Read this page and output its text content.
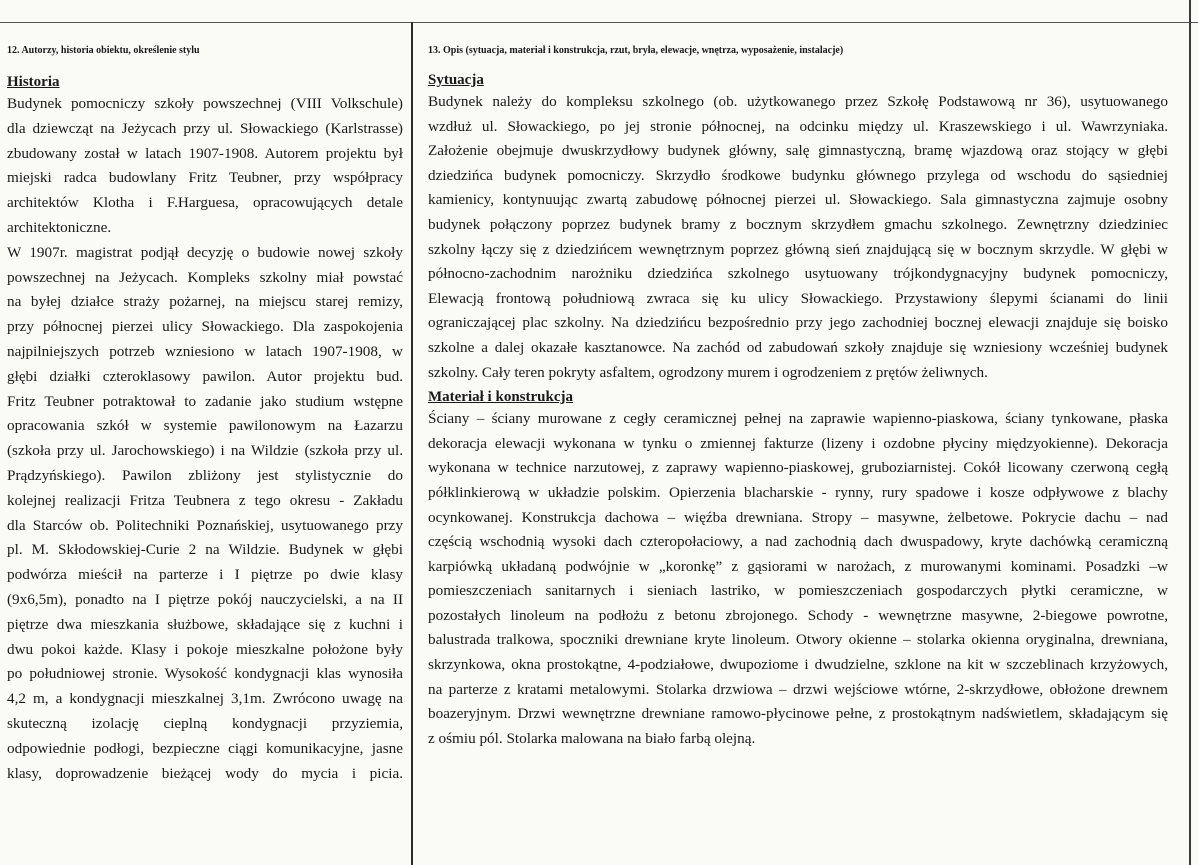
12. Autorzy, historia obiektu, określenie stylu

Historia

Budynek pomocniczy szkoły powszechnej (VIII Volkschule)
dla dziewcząt na Jeżycach przy ul. Słowackiego (Karlstrasse)
zbudowany został w latach 1907-1908. Autorem projektu był
miejski radca budowlany Fritz Teubner, przy współpracy
architektów Klotha i F.Harguesa, opracowujących detale
architektoniczne.
W 1907r. magistrat podjął decyzję o budowie nowej szkoły
powszechnej na Jeżycach. Kompleks szkolny miał powstać
na byłej działce straży pożarnej, na miejscu starej remizy,
przy północnej pierzei ulicy Słowackiego. Dla zaspokojenia
najpilniejszych potrzeb wzniesiono w latach 1907-1908, w
głębi działki czteroklasowy pawilon. Autor projektu bud.
Fritz Teubner potraktował to zadanie jako studium wstępne
opracowania szkół w systemie pawilonowym na Łazarzu
(szkoła przy ul. Jarochowskiego) i na Wildzie (szkoła przy ul.
Prądzyńskiego). Pawilon zbliżony jest stylistycznie do
kolejnej realizacji Fritza Teubnera z tego okresu - Zakładu
dla Starców ob. Politechniki Poznańskiej, usytuowanego przy
pl. M. Skłodowskiej-Curie 2 na Wildzie. Budynek w głębi
podwórza mieścił na parterze i I piętrze po dwie klasy
(9x6,5m), ponadto na I piętrze pokój nauczycielski, a na II
piętrze dwa mieszkania służbowe, składające się z kuchni i
dwu pokoi każde. Klasy i pokoje mieszkalne położone były
po południowej stronie. Wysokość kondygnacji klas wynosiła
4,2 m, a kondygnacji mieszkalnej 3,1m. Zwrócono uwagę na
skuteczną izolację cieplną kondygnacji przyziemia,
odpowiednie podłogi, bezpieczne ciągi komunikacyjne, jasne
klasy, doprowadzenie bieżącej wody do mycia i picia.

13. Opis (sytuacja, materiał i konstrukcja, rzut, bryła, elewacje, wnętrza, wyposażenie, instalacje)

Sytuacja

Budynek należy do kompleksu szkolnego (ob. użytkowanego przez Szkołę Podstawową nr 36), usytuowanego
wzdłuż ul. Słowackiego, po jej stronie północnej, na odcinku między ul. Kraszewskiego i ul. Wawrzyniaka.
Założenie obejmuje dwuskrzydłowy budynek główny, salę gimnastyczną, bramę wjazdową oraz stojący w głębi
dziedzińca budynek pomocniczy. Skrzydło środkowe budynku głównego przylega od wschodu do sąsiedniej
kamienicy, kontynuując zwartą zabudowę północnej pierzei ul. Słowackiego. Sala gimnastyczna zajmuje osobny
budynek połączony poprzez budynek bramy z bocznym skrzydłem gmachu szkolnego. Zewnętrzny dziedziniec
szkolny łączy się z dziedzińcem wewnętrznym poprzez główną sień znajdującą się w bocznym skrzydle. W głębi w
północno-zachodnim narożniku dziedzińca szkolnego usytuowany trójkondygnacyjny budynek pomocniczy,
Elewacją frontową południową zwraca się ku ulicy Słowackiego. Przystawiony ślepymi ścianami do linii
ograniczającej plac szkolny. Na dziedzińcu bezpośrednio przy jego zachodniej bocznej elewacji znajduje się boisko
szkolne a dalej okazałe kasztanowce. Na zachód od zabudowań szkoły znajduje się wzniesiony wcześniej budynek
szkolny. Cały teren pokryty asfaltem, ogrodzony murem i ogrodzeniem z prętów żeliwnych.

Materiał i konstrukcja

Ściany – ściany murowane z cegły ceramicznej pełnej na zaprawie wapienno-piaskowa, ściany tynkowane, płaska
dekoracja elewacji wykonana w tynku o zmiennej fakturze (lizeny i ozdobne płyciny międzyokienne). Dekoracja
wykonana w technice narzutowej, z zaprawy wapienno-piaskowej, gruboziarnistej. Cokół licowany czerwoną cegłą
półklinkierową w układzie polskim. Opierzenia blacharskie - rynny, rury spadowe i kosze odpływowe z blachy
ocynkowanej. Konstrukcja dachowa – więźba drewniana. Stropy – masywne, żelbetowe. Pokrycie dachu – nad
częścią wschodnią wysoki dach czteropołaciowy, a nad zachodnią dach dwuspadowy, kryte dachówką ceramiczną
karpiówką układaną podwójnie w „koronkę” z gąsiorami w narożach, z murowanymi kominami. Posadzki –w
pomieszczeniach sanitarnych i sieniach lastriko, w pomieszczeniach gospodarczych płytki ceramiczne, w
pozostałych linoleum na podłożu z betonu zbrojonego. Schody - wewnętrzne masywne, 2-biegowe powrotne,
balustrada tralkowa, spoczniki drewniane kryte linoleum. Otwory okienne – stolarka okienna oryginalna, drewniana,
skrzynkowa, okna prostokątne, 4-podziałowe, dwupoziome i dwudzielne, szklone na kit w szczeblinach krzyżowych,
na parterze z kratami metalowymi. Stolarka drzwiowa – drzwi wejściowe wtórne, 2-skrzydłowe, obłożone drewnem
boazeryjnym. Drzwi wewnętrzne drewniane ramowo-płycinowe pełne, z prostokątnym nadświetlem, składającym się
z ośmiu pól. Stolarka malowana na biało farbą olejną.
